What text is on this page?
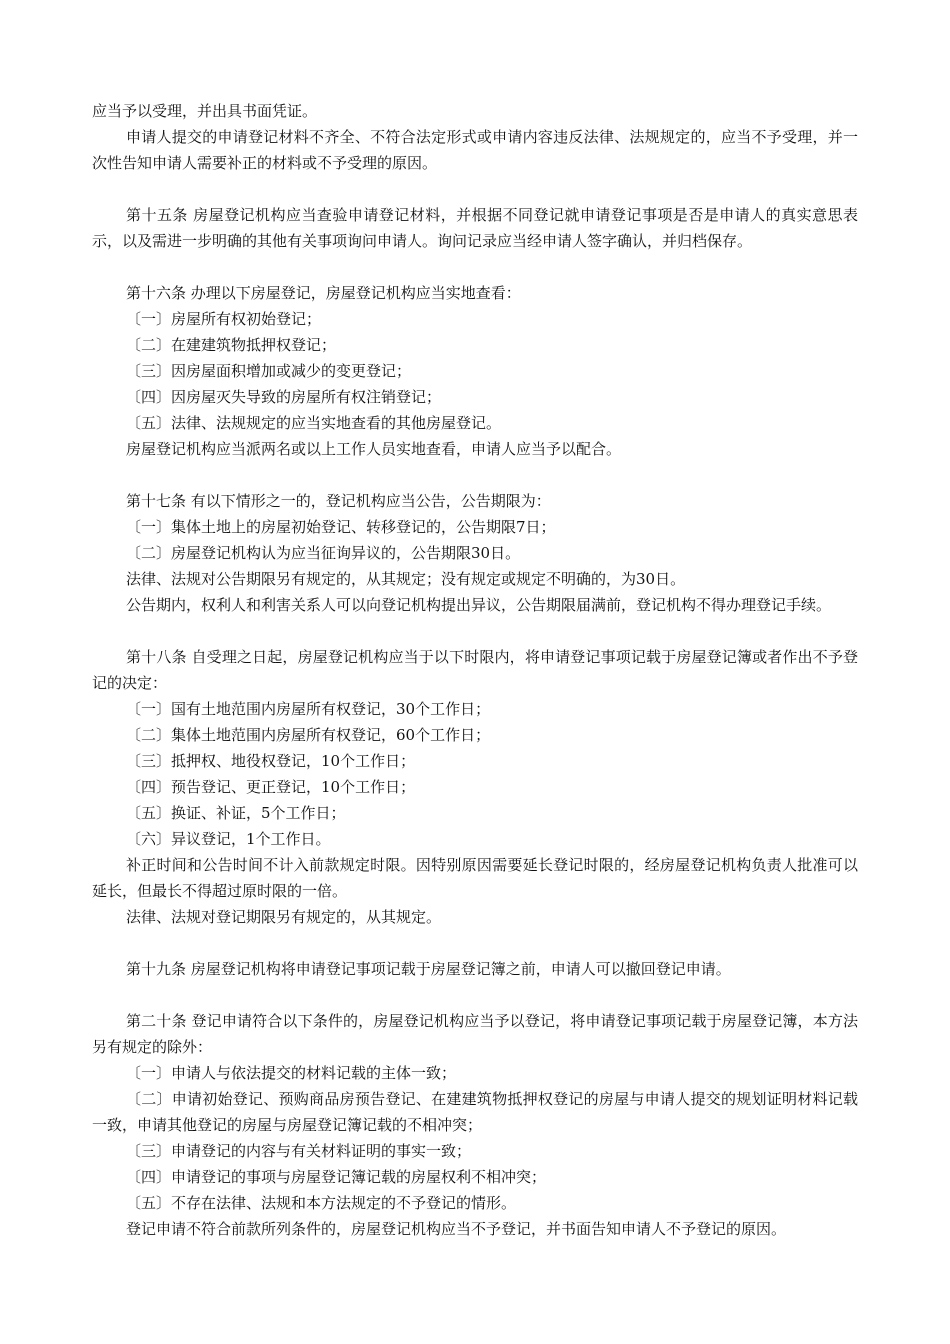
应当予以受理，并出具书面凭证。

申请人提交的申请登记材料不齐全、不符合法定形式或申请内容违反法律、法规规定的，应当不予受理，并一次性告知申请人需要补正的材料或不予受理的原因。

第十五条 房屋登记机构应当查验申请登记材料，并根据不同登记就申请登记事项是否是申请人的真实意思表示，以及需进一步明确的其他有关事项询问申请人。询问记录应当经申请人签字确认，并归档保存。

第十六条 办理以下房屋登记，房屋登记机构应当实地查看：

〔一〕房屋所有权初始登记；

〔二〕在建建筑物抵押权登记；

〔三〕因房屋面积增加或减少的变更登记；

〔四〕因房屋灭失导致的房屋所有权注销登记；

〔五〕法律、法规规定的应当实地查看的其他房屋登记。

房屋登记机构应当派两名或以上工作人员实地查看，申请人应当予以配合。

第十七条 有以下情形之一的，登记机构应当公告，公告期限为：

〔一〕集体土地上的房屋初始登记、转移登记的，公告期限7日；

〔二〕房屋登记机构认为应当征询异议的，公告期限30日。

法律、法规对公告期限另有规定的，从其规定；没有规定或规定不明确的，为30日。

公告期内，权利人和利害关系人可以向登记机构提出异议，公告期限届满前，登记机构不得办理登记手续。

第十八条 自受理之日起，房屋登记机构应当于以下时限内，将申请登记事项记载于房屋登记簿或者作出不予登记的决定：

〔一〕国有土地范围内房屋所有权登记，30个工作日；

〔二〕集体土地范围内房屋所有权登记，60个工作日；

〔三〕抵押权、地役权登记，10个工作日；

〔四〕预告登记、更正登记，10个工作日；

〔五〕换证、补证，5个工作日；

〔六〕异议登记，1个工作日。

补正时间和公告时间不计入前款规定时限。因特别原因需要延长登记时限的，经房屋登记机构负责人批准可以延长，但最长不得超过原时限的一倍。

法律、法规对登记期限另有规定的，从其规定。

第十九条 房屋登记机构将申请登记事项记载于房屋登记簿之前，申请人可以撤回登记申请。

第二十条 登记申请符合以下条件的，房屋登记机构应当予以登记，将申请登记事项记载于房屋登记簿，本方法另有规定的除外：

〔一〕申请人与依法提交的材料记载的主体一致；

〔二〕申请初始登记、预购商品房预告登记、在建建筑物抵押权登记的房屋与申请人提交的规划证明材料记载一致，申请其他登记的房屋与房屋登记簿记载的不相冲突；

〔三〕申请登记的内容与有关材料证明的事实一致；

〔四〕申请登记的事项与房屋登记簿记载的房屋权利不相冲突；

〔五〕不存在法律、法规和本方法规定的不予登记的情形。

登记申请不符合前款所列条件的，房屋登记机构应当不予登记，并书面告知申请人不予登记的原因。
